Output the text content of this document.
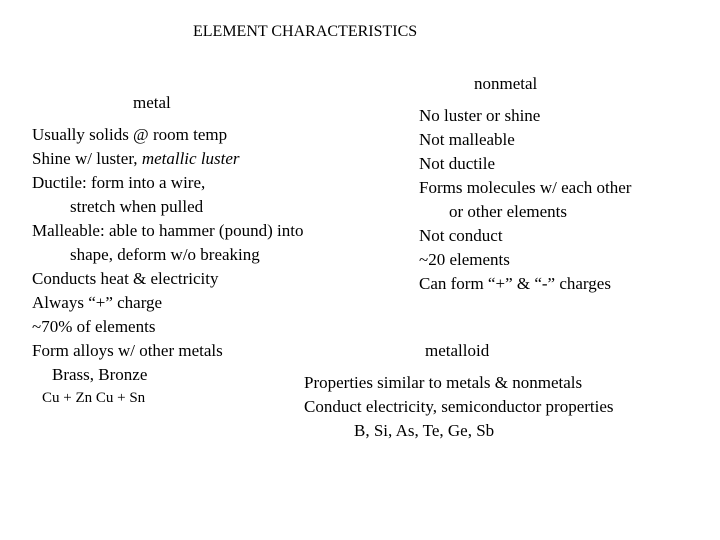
ELEMENT CHARACTERISTICS
metal
Usually solids @ room temp
Shine w/ luster, metallic luster
Ductile: form into a wire,
stretch when pulled
Malleable: able to hammer (pound) into
shape, deform w/o breaking
Conducts heat & electricity
Always “+” charge
~70% of elements
Form alloys w/ other metals
Brass, Bronze
Cu + Zn Cu + Sn
nonmetal
No luster or shine
Not malleable
Not ductile
Forms molecules w/ each other
or other elements
Not conduct
~20 elements
Can form “+” & “-” charges
metalloid
Properties similar to metals & nonmetals
Conduct electricity, semiconductor properties
B, Si, As, Te, Ge, Sb
